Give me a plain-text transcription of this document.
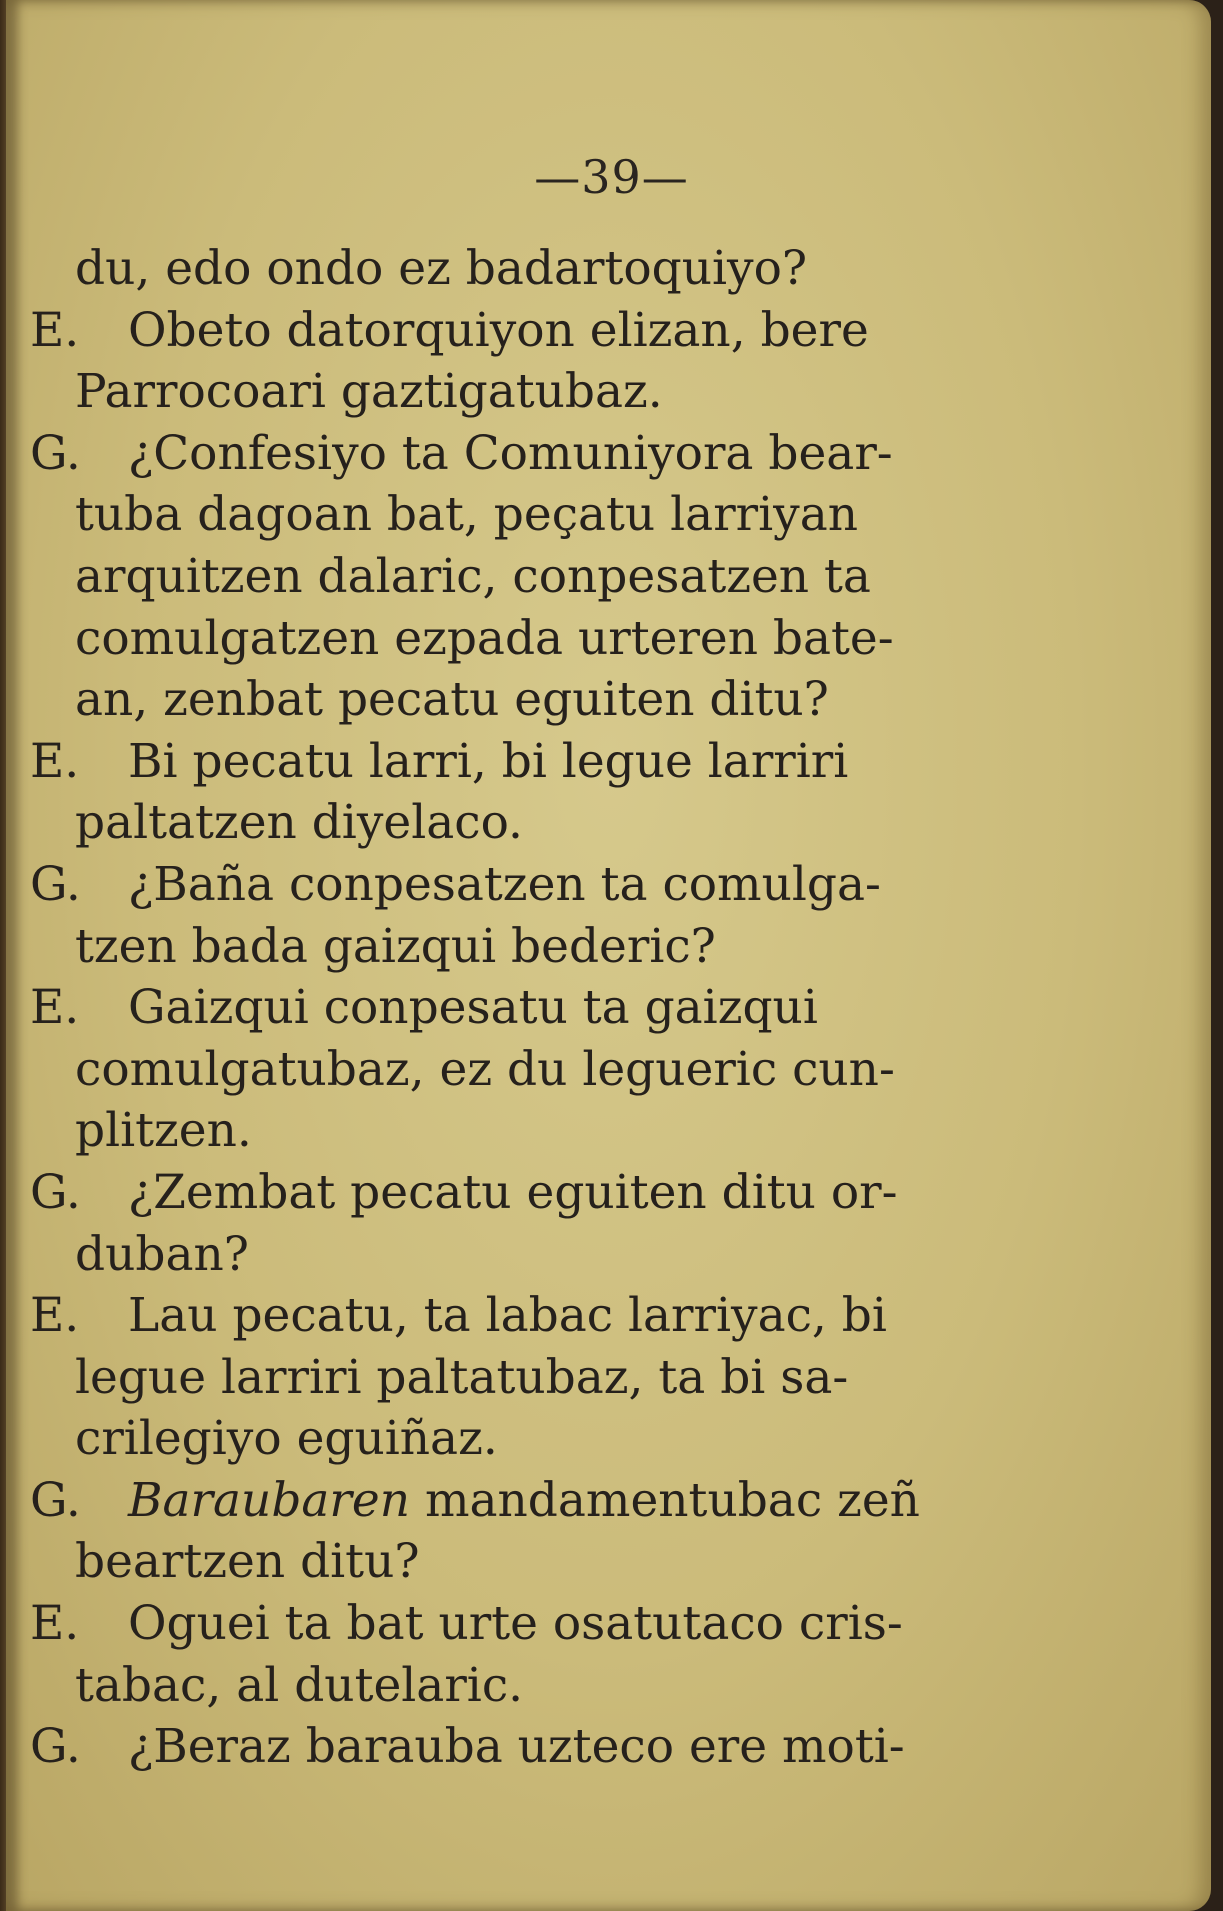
—39—
du, edo ondo ez badartoquiyo?
E. Obeto datorquiyon elizan, bere
Parrocoari gaztigatubaz.
G. ¿Confesiyo ta Comuniyora bear-
tuba dagoan bat, peçatu larriyan
arquitzen dalaric, conpesatzen ta
comulgatzen ezpada urteren bate-
an, zenbat pecatu eguiten ditu?
E. Bi pecatu larri, bi legue larriri
paltatzen diyelaco.
G. ¿Baña conpesatzen ta comulga-
tzen bada gaizqui bederic?
E. Gaizqui conpesatu ta gaizqui
comulgatubaz, ez du legueric cun-
plitzen.
G. ¿Zembat pecatu eguiten ditu or-
duban?
E. Lau pecatu, ta labac larriyac, bi
legue larriri paltatubaz, ta bi sa-
crilegiyo eguiñaz.
G. Baraubaren mandamentubac zeñ
beartzen ditu?
E. Oguei ta bat urte osatutaco cris-
tabac, al dutelaric.
G. ¿Beraz barauba uzteco ere moti-
